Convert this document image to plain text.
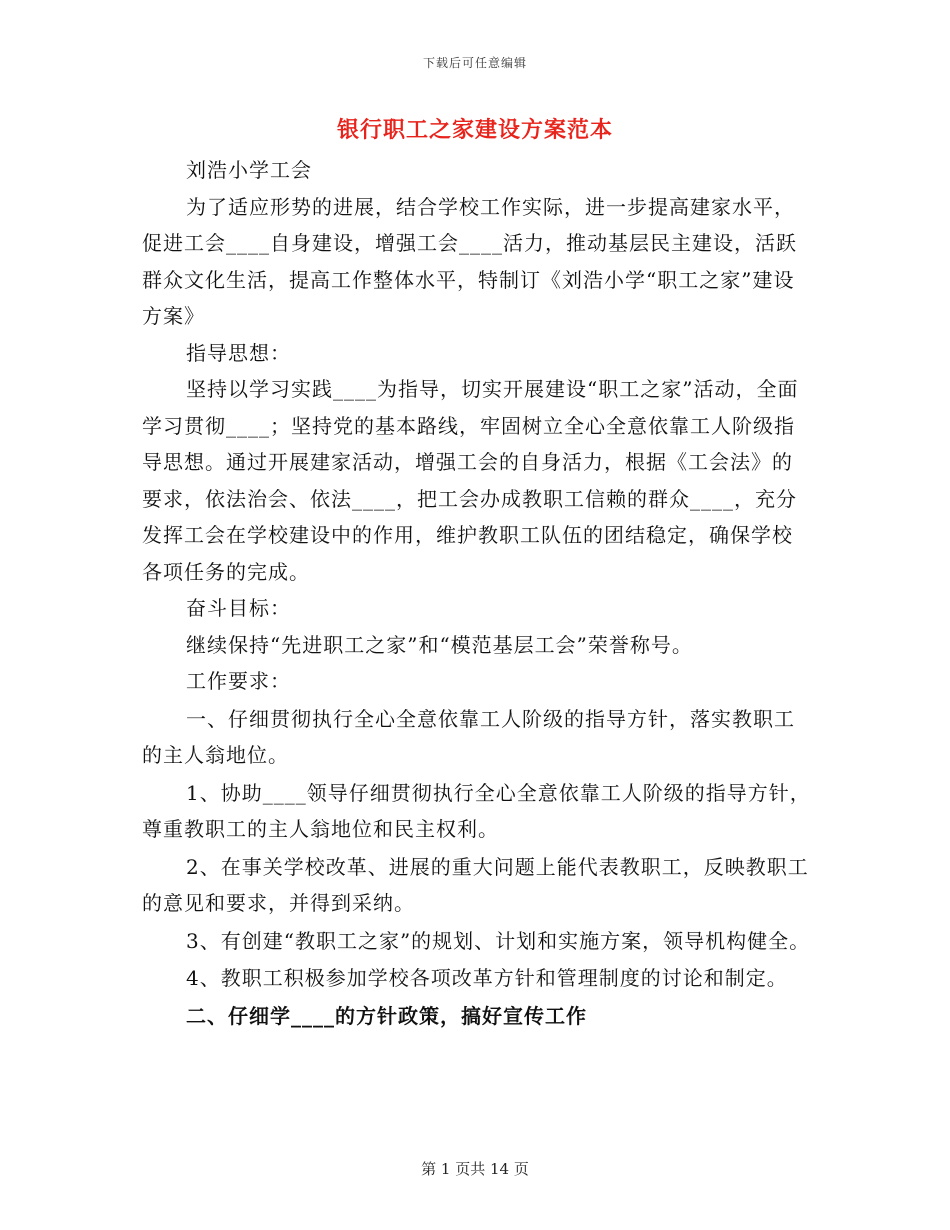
下载后可任意编辑
银行职工之家建设方案范本

刘浩小学工会

为了适应形势的进展，结合学校工作实际，进一步提高建家水平，促进工会____自身建设，增强工会____活力，推动基层民主建设，活跃群众文化生活，提高工作整体水平，特制订《刘浩小学“职工之家”建设方案》

指导思想：

坚持以学习实践____为指导，切实开展建设“职工之家”活动，全面学习贯彻____；坚持党的基本路线，牢固树立全心全意依靠工人阶级指导思想。通过开展建家活动，增强工会的自身活力，根据《工会法》的要求，依法治会、依法____，把工会办成教职工信赖的群众____，充分发挥工会在学校建设中的作用，维护教职工队伍的团结稳定，确保学校各项任务的完成。

奋斗目标：

继续保持“先进职工之家”和“模范基层工会”荣誉称号。

工作要求：

一、仔细贯彻执行全心全意依靠工人阶级的指导方针，落实教职工的主人翁地位。

1、协助____领导仔细贯彻执行全心全意依靠工人阶级的指导方针，尊重教职工的主人翁地位和民主权利。

2、在事关学校改革、进展的重大问题上能代表教职工，反映教职工的意见和要求，并得到采纳。

3、有创建“教职工之家”的规划、计划和实施方案，领导机构健全。

4、教职工积极参加学校各项改革方针和管理制度的讨论和制定。

二、仔细学____的方针政策，搞好宣传工作

第 1 页共 14 页
